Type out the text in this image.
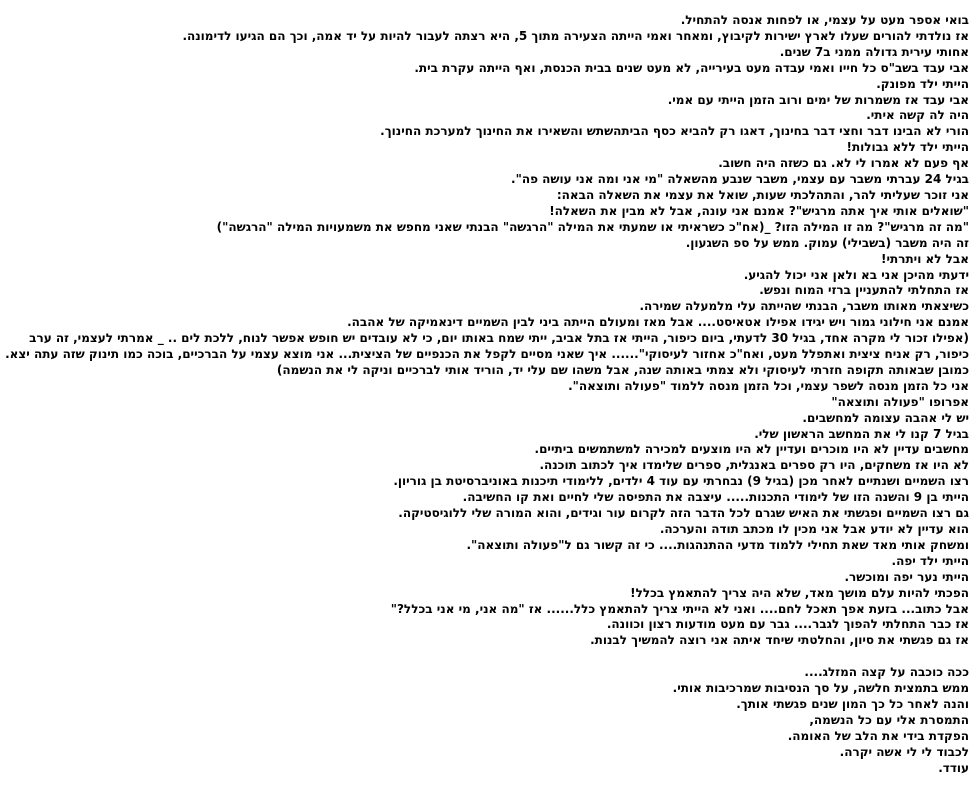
בואי אספר מעט על עצמי, או לפחות אנסה להתחיל.
אז נולדתי להורים שעלו לארץ ישירות לקיבוץ, ומאחר ואמי הייתה הצעירה מתוך 5, היא רצתה לעבור להיות על יד אמה, וכך הם הגיעו לדימונה.
אחותי עירית גדולה ממני ב7 שנים.
אבי עבד בשב"ס כל חייו ואמי עבדה מעט בעירייה, לא מעט שנים בבית הכנסת, ואף הייתה עקרת בית.
הייתי ילד מפונק.
אבי עבד אז משמרות של ימים ורוב הזמן הייתי עם אמי.
היה לה קשה איתי.
הורי לא הבינו דבר וחצי דבר בחינוך, דאגו רק להביא כסף הביתהשתש והשאירו את החינוך למערכת החינוך.
הייתי ילד ללא גבולות!
אף פעם לא אמרו לי לא. גם כשזה היה חשוב.
בגיל 24 עברתי משבר עם עצמי, משבר שנבע מהשאלה "מי אני ומה אני עושה פה".
אני זוכר שעליתי להר, והתהלכתי שעות, שואל את עצמי את השאלה הבאה:
"שואלים אותי איך אתה מרגיש"? אמנם אני עונה, אבל לא מבין את השאלה!
"מה זה מרגיש"? מה זו המילה הזו? _(אח"כ כשראיתי או שמעתי את המילה "הרגשה" הבנתי שאני מחפש את משמעויות המילה "הרגשה")
זה היה משבר (בשבילי) עמוק. ממש על ספ השגעון.
אבל לא ויתרתי!
ידעתי מהיכן אני בא ולאן אני יכול להגיע.
אז התחלתי להתעניין ברזי המוח ונפש.
כשיצאתי מאותו משבר, הבנתי שהייתה עלי מלמעלה שמירה.
אמנם אני חילוני גמור ויש יגידו אפילו אטאיסט.... אבל מאז ומעולם הייתה ביני לבין השמיים דינאמיקה של אהבה.
(אפילו זכור לי מקרה אחד, בגיל 30 לדעתי, ביום כיפור, הייתי אז בתל אביב, ייתי שמח באותו יום, כי לא עובדים יש חופש אפשר לנוח, ללכת לים .. _ אמרתי לעצמי, זה ערב כיפור, רק אניח ציצית ואתפלל מעט, ואח"כ אחזור לעיסוקי"...... איך שאני מסיים לקפל את הכנפיים של הציצית... אני מוצא עצמי על הברכיים, בוכה כמו תינוק שזה עתה יצא. כמובן שבאותה תקופה חזרתי לעיסוקי ולא צמתי באותה שנה, אבל משהו שם עלי יד, הוריד אותי לברכיים וניקה לי את הנשמה)
אני כל הזמן מנסה לשפר עצמי, וכל הזמן מנסה ללמוד "פעולה ותוצאה".
אפרופו "פעולה ותוצאה"
יש לי אהבה עצומה למחשבים.
בגיל 7 קנו לי את המחשב הראשון שלי.
מחשבים עדיין לא היו מוכרים ועדיין לא היו מוצעים למכירה למשתמשים ביתיים.
לא היו אז משחקים, היו רק ספרים באנגלית, ספרים שלימדו איך לכתוב תוכנה.
רצו השמיים ושנתיים לאחר מכן (בגיל 9) נבחרתי עם עוד 4 ילדים, ללימודי תיכנות באוניברסיטת בן גוריון.
הייתי בן 9 והשנה הזו של לימודי התכנות..... עיצבה את התפיסה שלי לחיים ואת קו החשיבה.
גם רצו השמיים ופגשתי את האיש שגרם לכל הדבר הזה לקרום עור וגידים, והוא המורה שלי ללוגיסטיקה.
הוא עדיין לא יודע אבל אני מכין לו מכתב תודה והערכה.
ומשחק אותי מאד שאת תחילי ללמוד מדעי ההתנהגות.... כי זה קשור גם ל"פעולה ותוצאה".
הייתי ילד יפה.
הייתי נער יפה ומוכשר.
הפכתי להיות עלם מושך מאד, שלא היה צריך להתאמץ בכלל!
אבל כתוב... בזעת אפך תאכל לחם.... ואני לא הייתי צריך להתאמץ כלל...... אז "מה אני, מי אני בכלל?"
אז כבר התחלתי להפוך לגבר.... גבר עם מעט מודעות רצון וכוונה.
אז גם פגשתי את סיון, והחלטתי שיחד איתה אני רוצה להמשיך לבנות.
ככה כוכבה על קצה המזלג....
ממש בתמצית חלשה, על סך הנסיבות שמרכיבות אותי.
והנה לאחר כל כך המון שנים פגשתי אותך.
התמסרת אלי עם כל הנשמה,
הפקדת בידי את הלב של האומה.
לכבוד לי לי אשה יקרה.
עודד.
